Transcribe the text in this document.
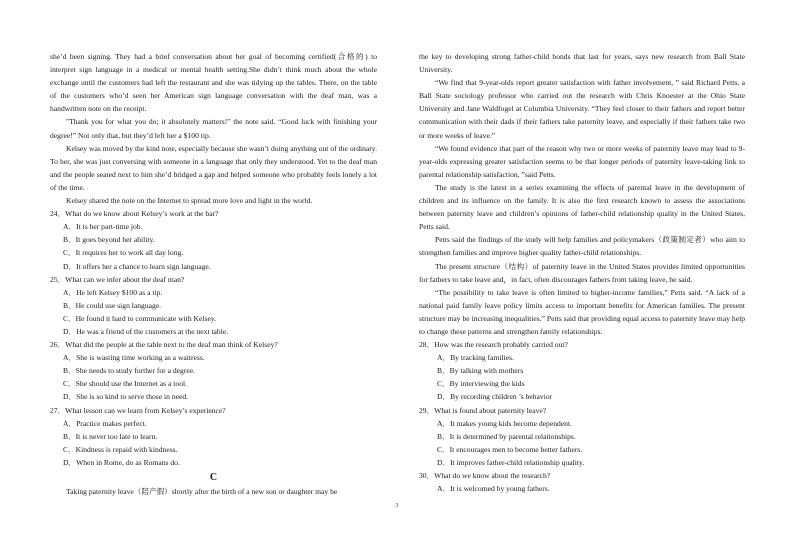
she’d been signing. They had a brief conversation about her goal of becoming certified(合格的) to interpret sign language in a medical or mental health setting.She didn’t think much about the whole exchange until the customers had left the restaurant and she was tidying up the tables. There, on the table of the customers who’d seen her American sign language conversation with the deaf man, was a handwritten note on the receipt.

"Thank you for what you do; it absolutely matters!" the note said. “Good luck with finishing your degree!” Not only that, but they’d left her a $100 tip.

Kelsey was moved by the kind note, especially because she wasn’t doing anything out of the ordinary. To her, she was just conversing with someone in a language that only they understood. Yet to the deaf man and the people seated next to him she’d bridged a gap and helped someone who probably feels lonely a lot of the time.

Kelsey shared the note on the Internet to spread more love and light in the world.

24．What do we know about Kelsey’s work at the bar?

A．It is her part-time job.

B．It goes beyond her ability.

C．It requires her to work all day long.

D．It offers her a chance to learn sign language.

25．What can we infer about the deaf man?

A．He left Kelsey $100 as a tip.

B．He could use sign language.

C．He found it hard to communicate with Kelsey.

D．He was a friend of the customers at the next table.

26．What did the people at the table next to the deaf man think of Kelsey?

A．She is wasting time working as a waitress.

B．She needs to study further for a degree.

C．She should use the Internet as a tool.

D．She is so kind to serve those in need.

27．What lesson can we learn from Kelsey’s experience?

A．Practice makes perfect.

B．It is never too late to learn.

C．Kindness is repaid with kindness.

D．When in Rome, do as Romans do.

C

Taking paternity leave（陪产假）shortly after the birth of a new son or daughter may be

the key to developing strong father-child bonds that last for years, says new research from Ball State University.

“We find that 9-year-olds report greater satisfaction with father involvement, ” said Richard Petts, a Ball State sociology professor who carried out the research with Chris Knoester at the Ohio State University and Jane Waldfogel at Columbia University. “They feel closer to their fathers and report better communication with their dads if their fathers take paternity leave, and especially if their fathers take two or more weeks of leave.”

“We found evidence that part of the reason why two or more weeks of paternity leave may lead to 9-year-olds expressing greater satisfaction seems to be that longer periods of paternity leave-taking link to parental relationship satisfaction, ”said Petts.

The study is the latest in a series examining the effects of parental leave in the development of children and its influence on the family. It is also the first research known to assess the associations between paternity leave and children’s opinions of father-child relationship quality in the United States, Petts said.

Petts said the findings of the study will help families and policymakers（政策制定者）who aim to strengthen families and improve higher quality father-child relationships.

The present structure（结构）of paternity leave in the United States provides limited opportunities for fathers to take leave and，in fact, often discourages fathers from taking leave, he said.

“The possibility to take leave is often limited to higher-income families,” Petts said. “A lack of a national paid family leave policy limits access to important benefits for American families. The present structure may be increasing inequalities.” Petts said that providing equal access to paternity leave may help to change these patterns and strengthen family relationships.

28．How was the research probably carried out?

A．By tracking families.

B．By talking with mothers

C．By interviewing the kids

D．By recording children ’s behavior

29．What is found about paternity leave?

A．It makes young kids become dependent.

B．It is determined by parental relationships.

C．It encourages men to become better fathers.

D．It improves father-child relationship quality.

30．What do we know about the research?

A．It is welcomed by young fathers.

3
